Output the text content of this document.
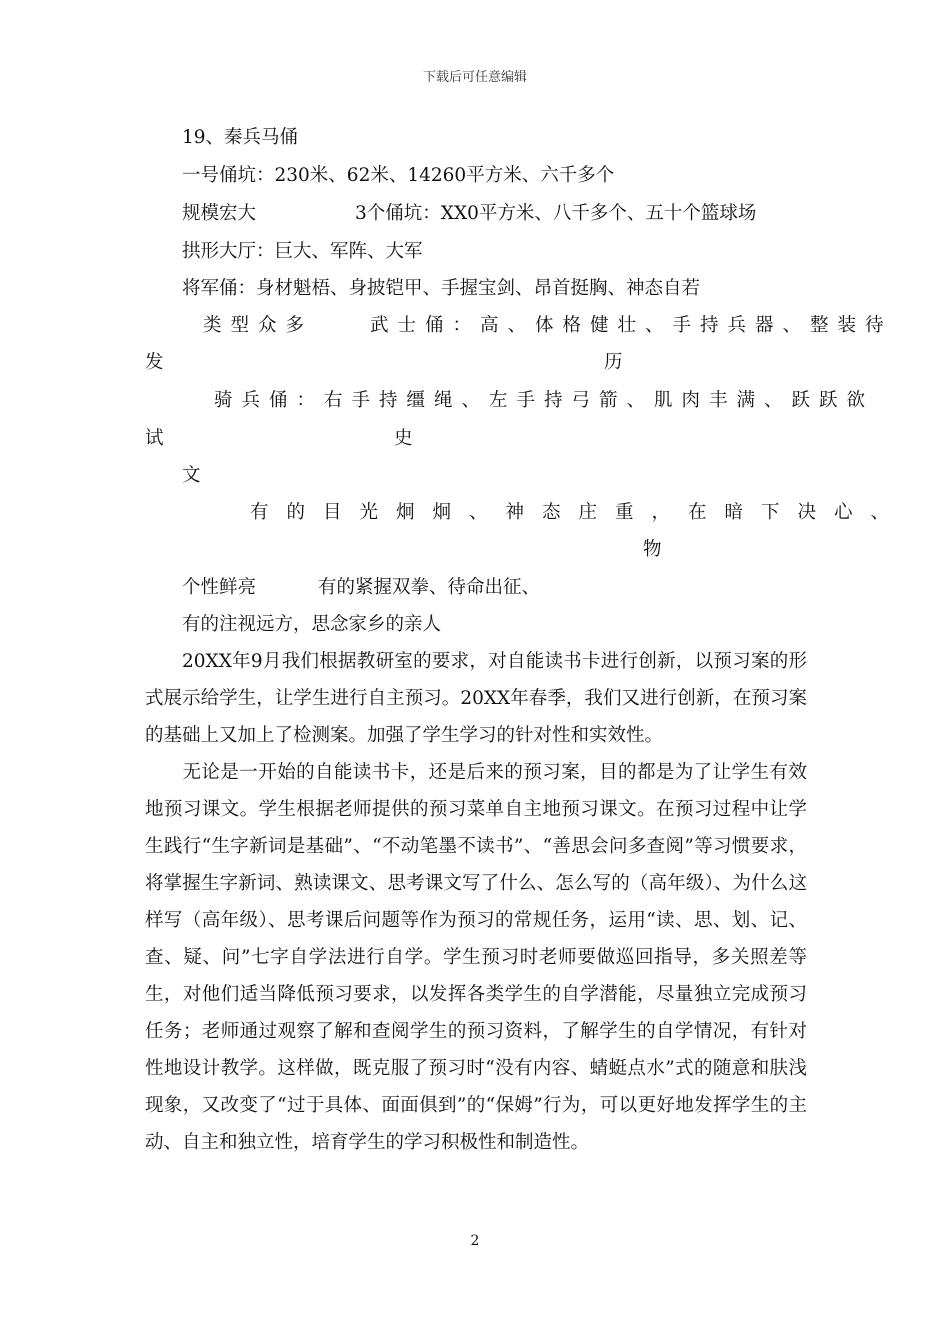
下载后可任意编辑
19、秦兵马俑
一号俑坑：230米、62米、14260平方米、六千多个
规模宏大	3个俑坑：XX0平方米、八千多个、五十个篮球场
拱形大厅：巨大、军阵、大军
将军俑：身材魁梧、身披铠甲、手握宝剑、昂首挺胸、神态自若
类型众多	武士俑：高、体格健壮、手持兵器、整装待
发	历
骑兵俑：右手持缰绳、左手持弓箭、肌肉丰满、跃跃欲
试	史
文
有的目光炯炯、神态庄重，在暗下决心、
物
个性鲜亮	有的紧握双拳、待命出征、
有的注视远方，思念家乡的亲人
20XX年9月我们根据教研室的要求，对自能读书卡进行创新，以预习案的形式展示给学生，让学生进行自主预习。20XX年春季，我们又进行创新，在预习案的基础上又加上了检测案。加强了学生学习的针对性和实效性。
无论是一开始的自能读书卡，还是后来的预习案，目的都是为了让学生有效地预习课文。学生根据老师提供的预习菜单自主地预习课文。在预习过程中让学生践行“生字新词是基础”、“不动笔墨不读书”、“善思会问多查阅”等习惯要求，将掌握生字新词、熟读课文、思考课文写了什么、怎么写的（高年级）、为什么这样写（高年级）、思考课后问题等作为预习的常规任务，运用“读、思、划、记、查、疑、问”七字自学法进行自学。学生预习时老师要做巡回指导，多关照差等生，对他们适当降低预习要求，以发挥各类学生的自学潜能，尽量独立完成预习任务；老师通过观察了解和查阅学生的预习资料，了解学生的自学情况，有针对性地设计教学。这样做，既克服了预习时“没有内容、蜻蜓点水”式的随意和肤浅现象，又改变了“过于具体、面面俱到”的“保姆”行为，可以更好地发挥学生的主动、自主和独立性，培育学生的学习积极性和制造性。
2
